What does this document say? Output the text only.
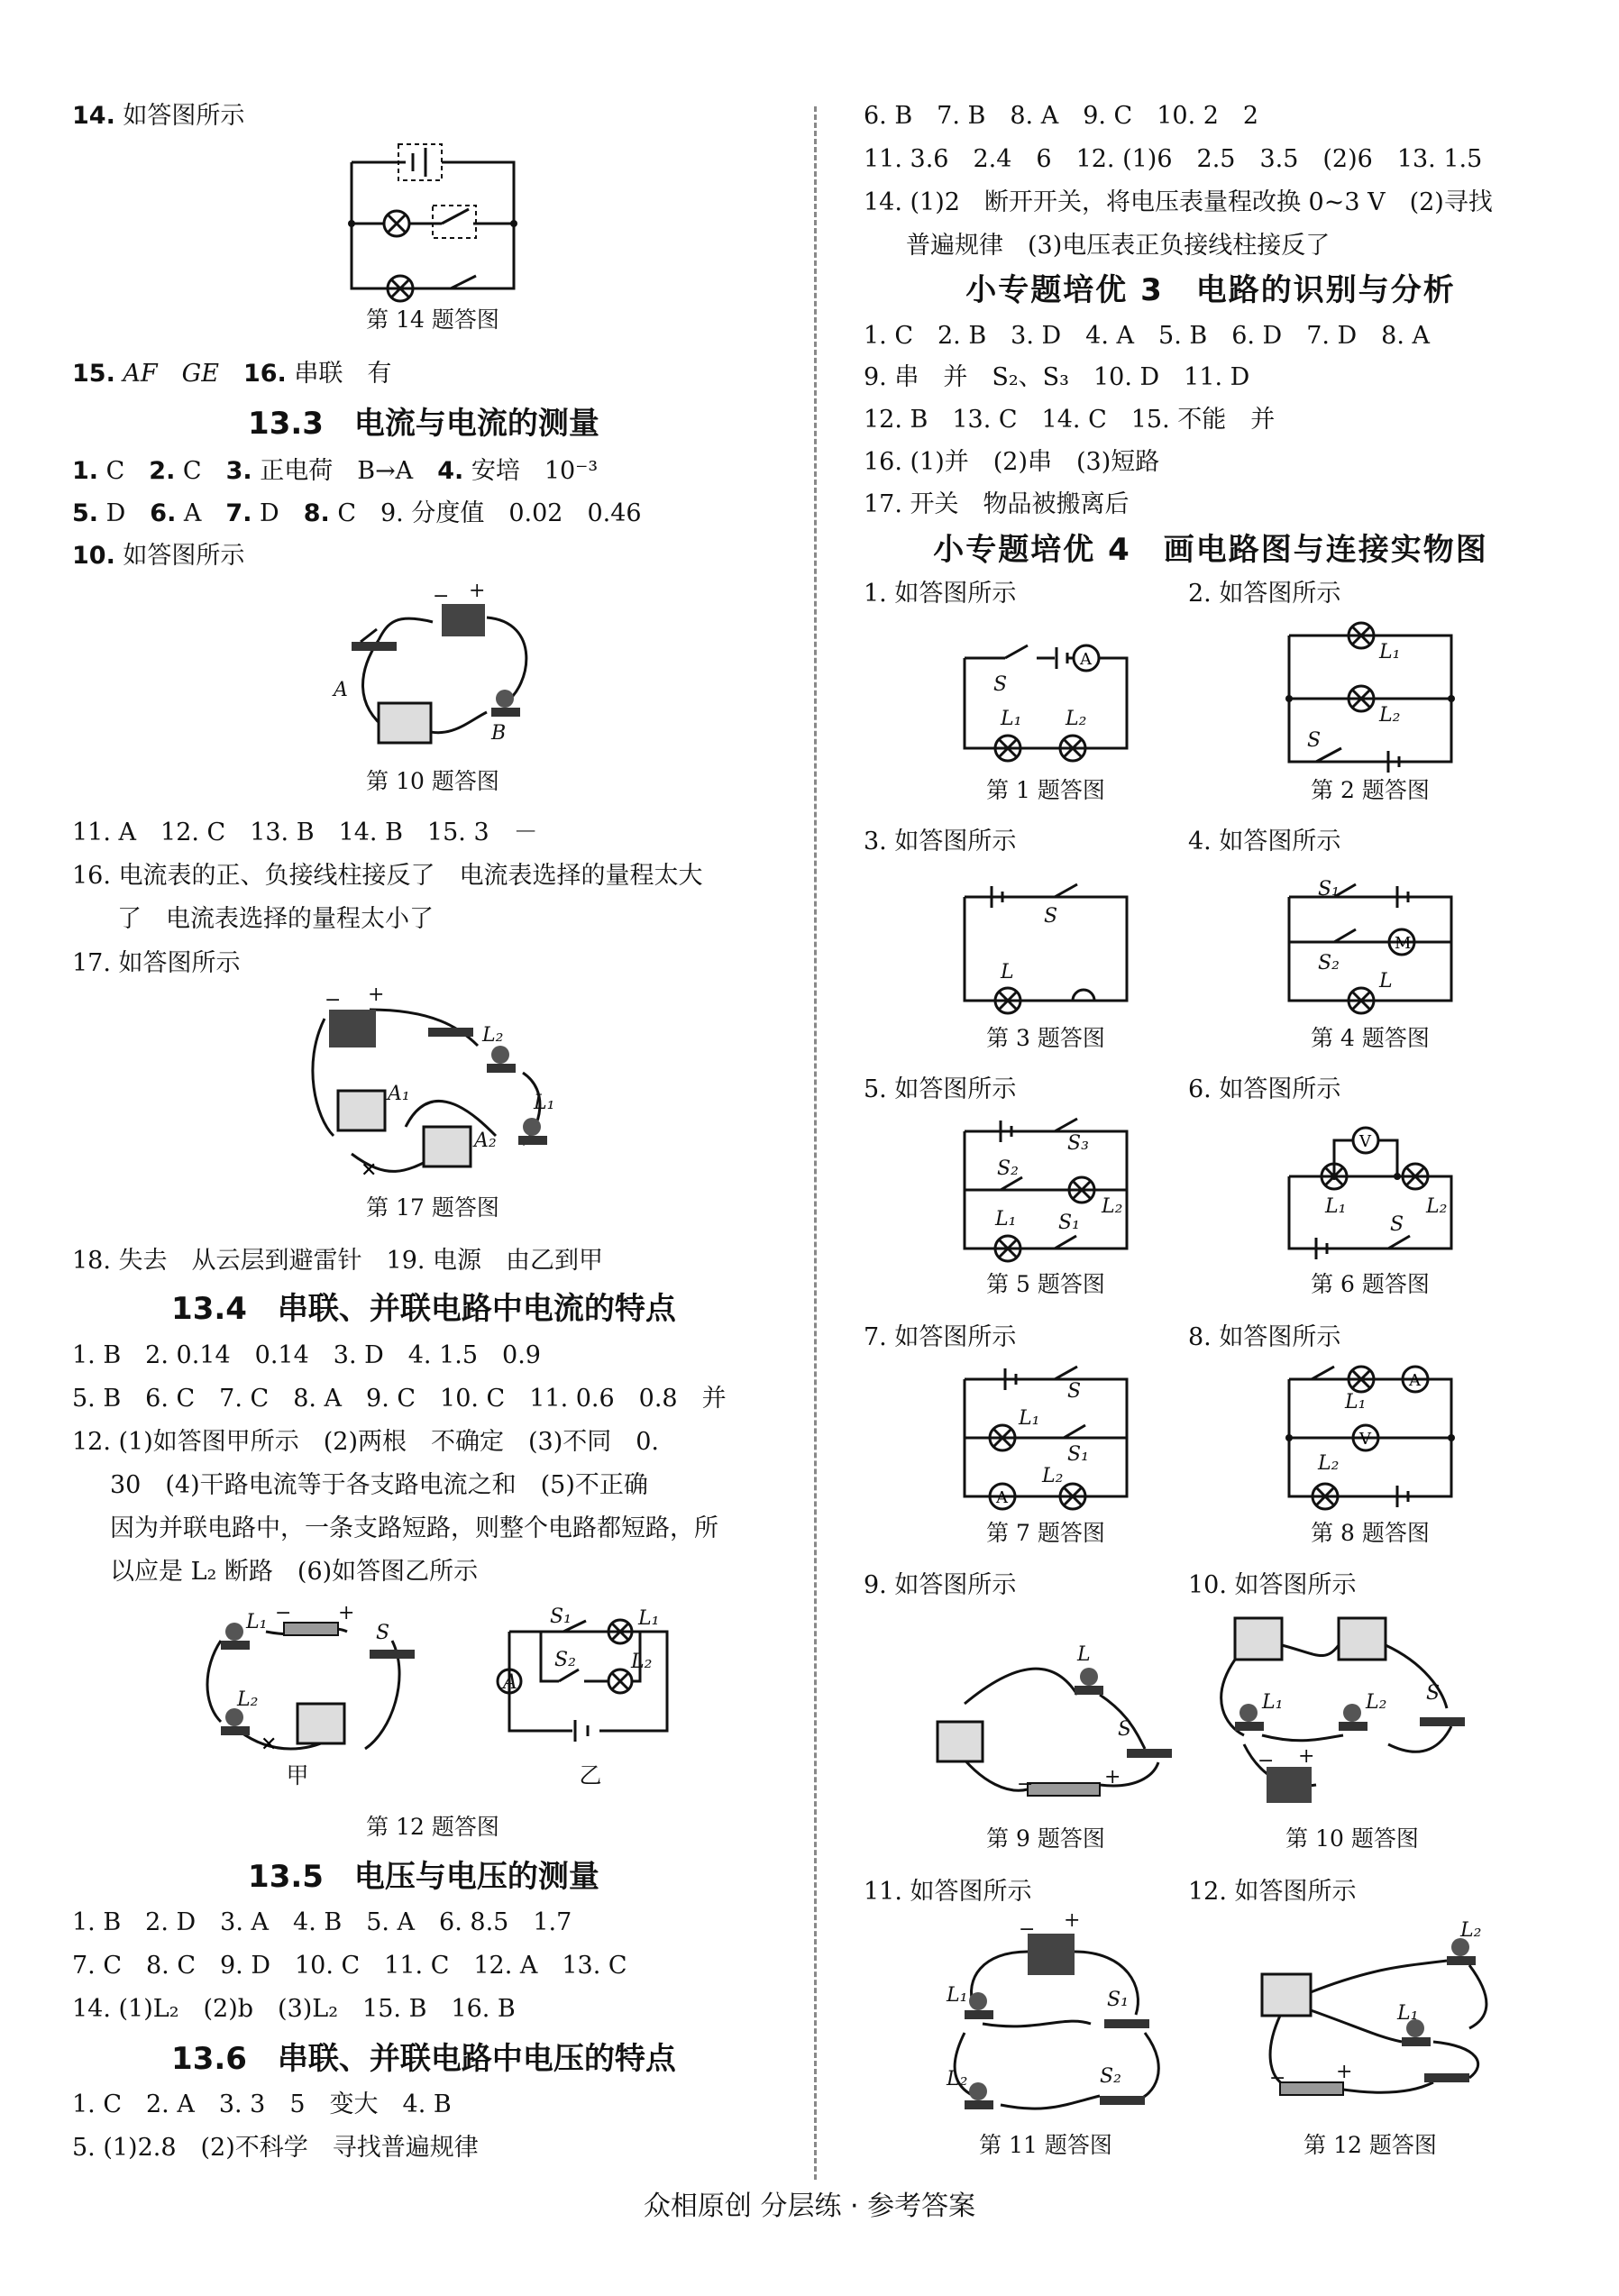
14. 如答图所示
第 14 题答图
15. AF　GE　16. 串联　有
13.3　电流与电流的测量
1. C　2. C　3. 正电荷　B→A　4. 安培　10⁻³
5. D　6. A　7. D　8. C　9. 分度值　0.02　0.46
10. 如答图所示
− +
A
B
第 10 题答图
11. A　12. C　13. B　14. B　15. 3　－
16. 电流表的正、负接线柱接反了　电流表选择的量程太大
了　电流表选择的量程太小了
17. 如答图所示
− +
L₂
A₁
A₂
L₁
✕
第 17 题答图
18. 失去　从云层到避雷针　19. 电源　由乙到甲
13.4　串联、并联电路中电流的特点
1. B　2. 0.14　0.14　3. D　4. 1.5　0.9
5. B　6. C　7. C　8. A　9. C　10. C　11. 0.6　0.8　并
12. (1)如答图甲所示　(2)两根　不确定　(3)不同　0.
30　(4)干路电流等于各支路电流之和　(5)不正确
因为并联电路中，一条支路短路，则整个电路都短路，所
以应是 L₂ 断路　(6)如答图乙所示
L₁ − +
S
L₂
✕
甲
A
S₁	L₁
S₂	L₂
乙
第 12 题答图
13.5　电压与电压的测量
1. B　2. D　3. A　4. B　5. A　6. 8.5　1.7
7. C　8. C　9. D　10. C　11. C　12. A　13. C
14. (1)L₂　(2)b　(3)L₂　15. B　16. B
13.6　串联、并联电路中电压的特点
1. C　2. A　3. 3　5　变大　4. B
5. (1)2.8　(2)不科学　寻找普遍规律
6. B　7. B　8. A　9. C　10. 2　2
11. 3.6　2.4　6　12. (1)6　2.5　3.5　(2)6　13. 1.5
14. (1)2　断开开关，将电压表量程改换 0~3 V　(2)寻找
普遍规律　(3)电压表正负接线柱接反了
小专题培优 3　电路的识别与分析
1. C　2. B　3. D　4. A　5. B　6. D　7. D　8. A
9. 串　并　S₂、S₃　10. D　11. D
12. B　13. C　14. C　15. 不能　并
16. (1)并　(2)串　(3)短路
17. 开关　物品被搬离后
小专题培优 4　画电路图与连接实物图
1. 如答图所示	2. 如答图所示
A
S
L₁ L₂
L₁
L₂
S
第 1 题答图	第 2 题答图
3. 如答图所示	4. 如答图所示
S
L
S₁
S₂
M
L
第 3 题答图	第 4 题答图
5. 如答图所示	6. 如答图所示
S₃
S₂
L₂
L₁ S₁
V
L₁	L₂
S
第 5 题答图	第 6 题答图
7. 如答图所示	8. 如答图所示
S
L₁
S₁
A
L₂
L₁
A
V
L₂
第 7 题答图	第 8 题答图
9. 如答图所示	10. 如答图所示
L
S
−	+
L₁	L₂ S
− +
第 9 题答图	第 10 题答图
11. 如答图所示	12. 如答图所示
− +
L₁	S₁
L₂	S₂
L₂
L₁
−	+
第 11 题答图	第 12 题答图
众相原创 分层练 · 参考答案
